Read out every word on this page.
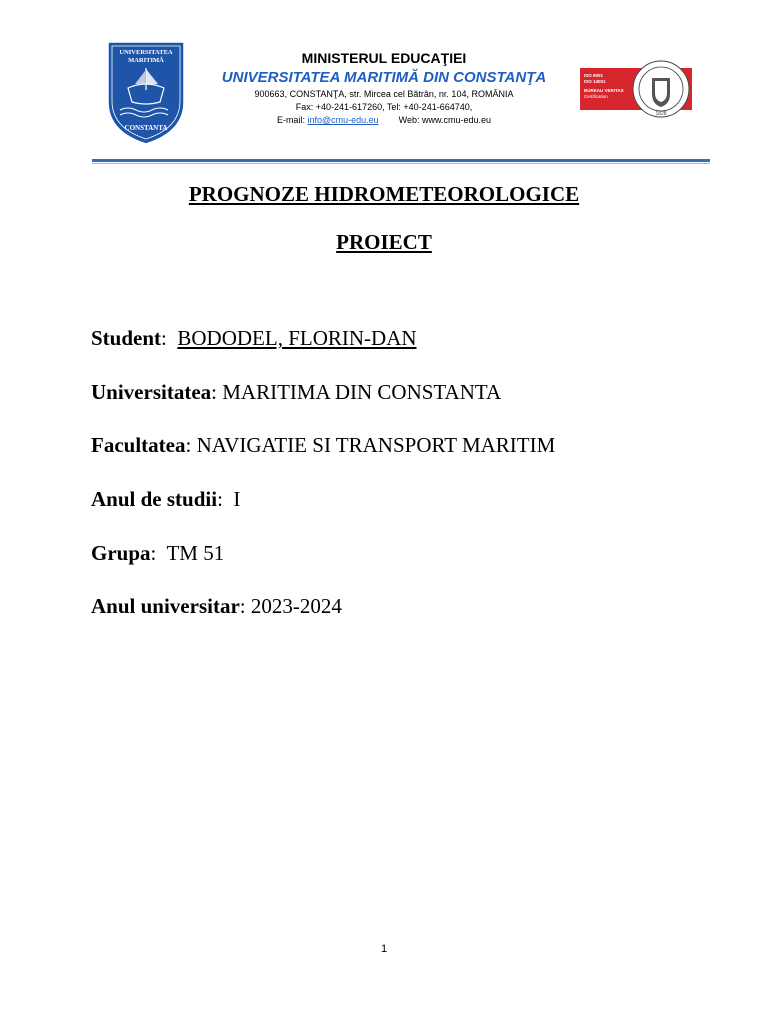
UNIVERSITATEA
MARITIMĂ
CONSTANTA
MINISTERUL EDUCAŢIEI
UNIVERSITATEA MARITIMĂ DIN CONSTANŢA
900663, CONSTANŢA, str. Mircea cel Bătrân, nr. 104, ROMÂNIA
Fax: +40-241-617260, Tel: +40-241-664740,
E-mail: info@cmu-edu.eu Web: www.cmu-edu.eu
ISO 9001
ISO 14001
BUREAU VERITAS
Certification
1828
PROGNOZE HIDROMETEOROLOGICE
PROIECT
Student:  BODODEL, FLORIN-DAN
Universitatea: MARITIMA DIN CONSTANTA
Facultatea: NAVIGATIE SI TRANSPORT MARITIM
Anul de studii:  I
Grupa:  TM 51
Anul universitar: 2023-2024
1
